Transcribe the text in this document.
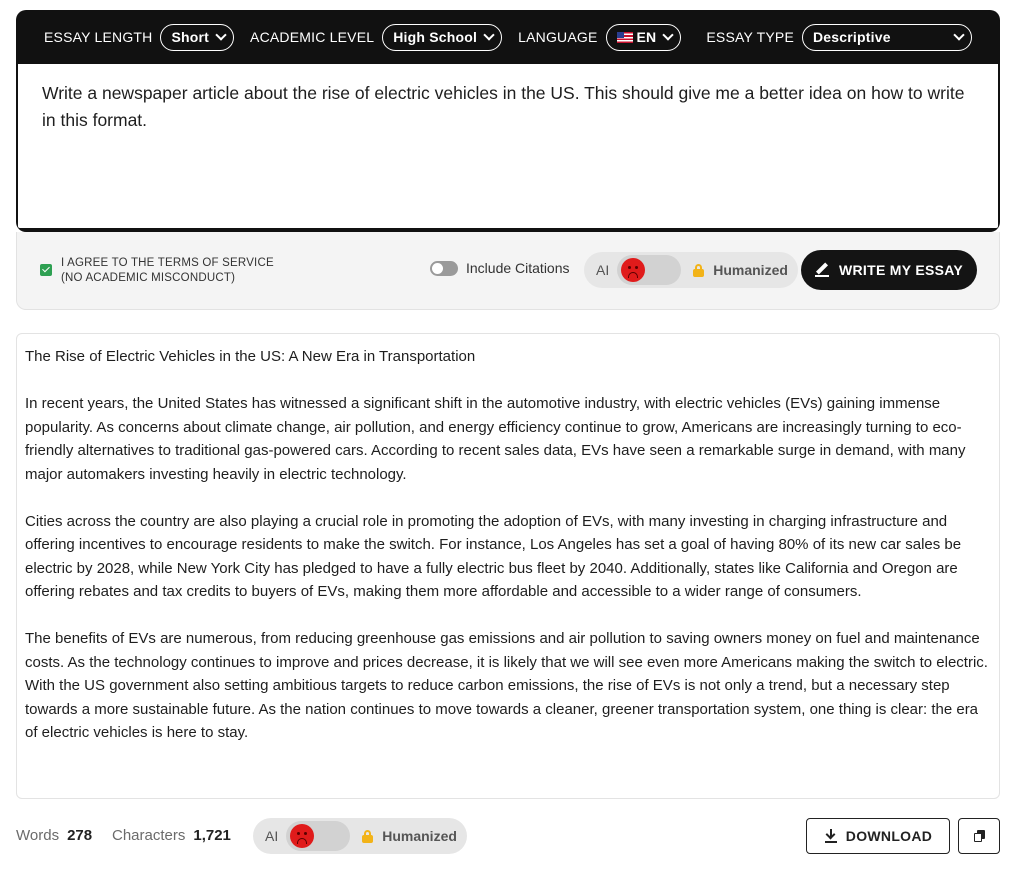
ESSAY LENGTH Short	ACADEMIC LEVEL High School	LANGUAGE	EN	ESSAY TYPE Descriptive
Write a newspaper article about the rise of electric vehicles in the US. This should give me a better idea on how to write in this format.
I AGREE TO THE TERMS OF SERVICE
(NO ACADEMIC MISCONDUCT)
Include Citations AI	Humanized	WRITE MY ESSAY

The Rise of Electric Vehicles in the US: A New Era in Transportation

In recent years, the United States has witnessed a significant shift in the automotive industry, with electric vehicles (EVs) gaining immense popularity. As concerns about climate change, air pollution, and energy efficiency continue to grow, Americans are increasingly turning to eco-friendly alternatives to traditional gas-powered cars. According to recent sales data, EVs have seen a remarkable surge in demand, with many major automakers investing heavily in electric technology.

Cities across the country are also playing a crucial role in promoting the adoption of EVs, with many investing in charging infrastructure and offering incentives to encourage residents to make the switch. For instance, Los Angeles has set a goal of having 80% of its new car sales be electric by 2028, while New York City has pledged to have a fully electric bus fleet by 2040. Additionally, states like California and Oregon are offering rebates and tax credits to buyers of EVs, making them more affordable and accessible to a wider range of consumers.

The benefits of EVs are numerous, from reducing greenhouse gas emissions and air pollution to saving owners money on fuel and maintenance costs. As the technology continues to improve and prices decrease, it is likely that we will see even more Americans making the switch to electric. With the US government also setting ambitious targets to reduce carbon emissions, the rise of EVs is not only a trend, but a necessary step towards a more sustainable future. As the nation continues to move towards a cleaner, greener transportation system, one thing is clear: the era of electric vehicles is here to stay.

Words 278 Characters 1,721 AI	Humanized	DOWNLOAD
